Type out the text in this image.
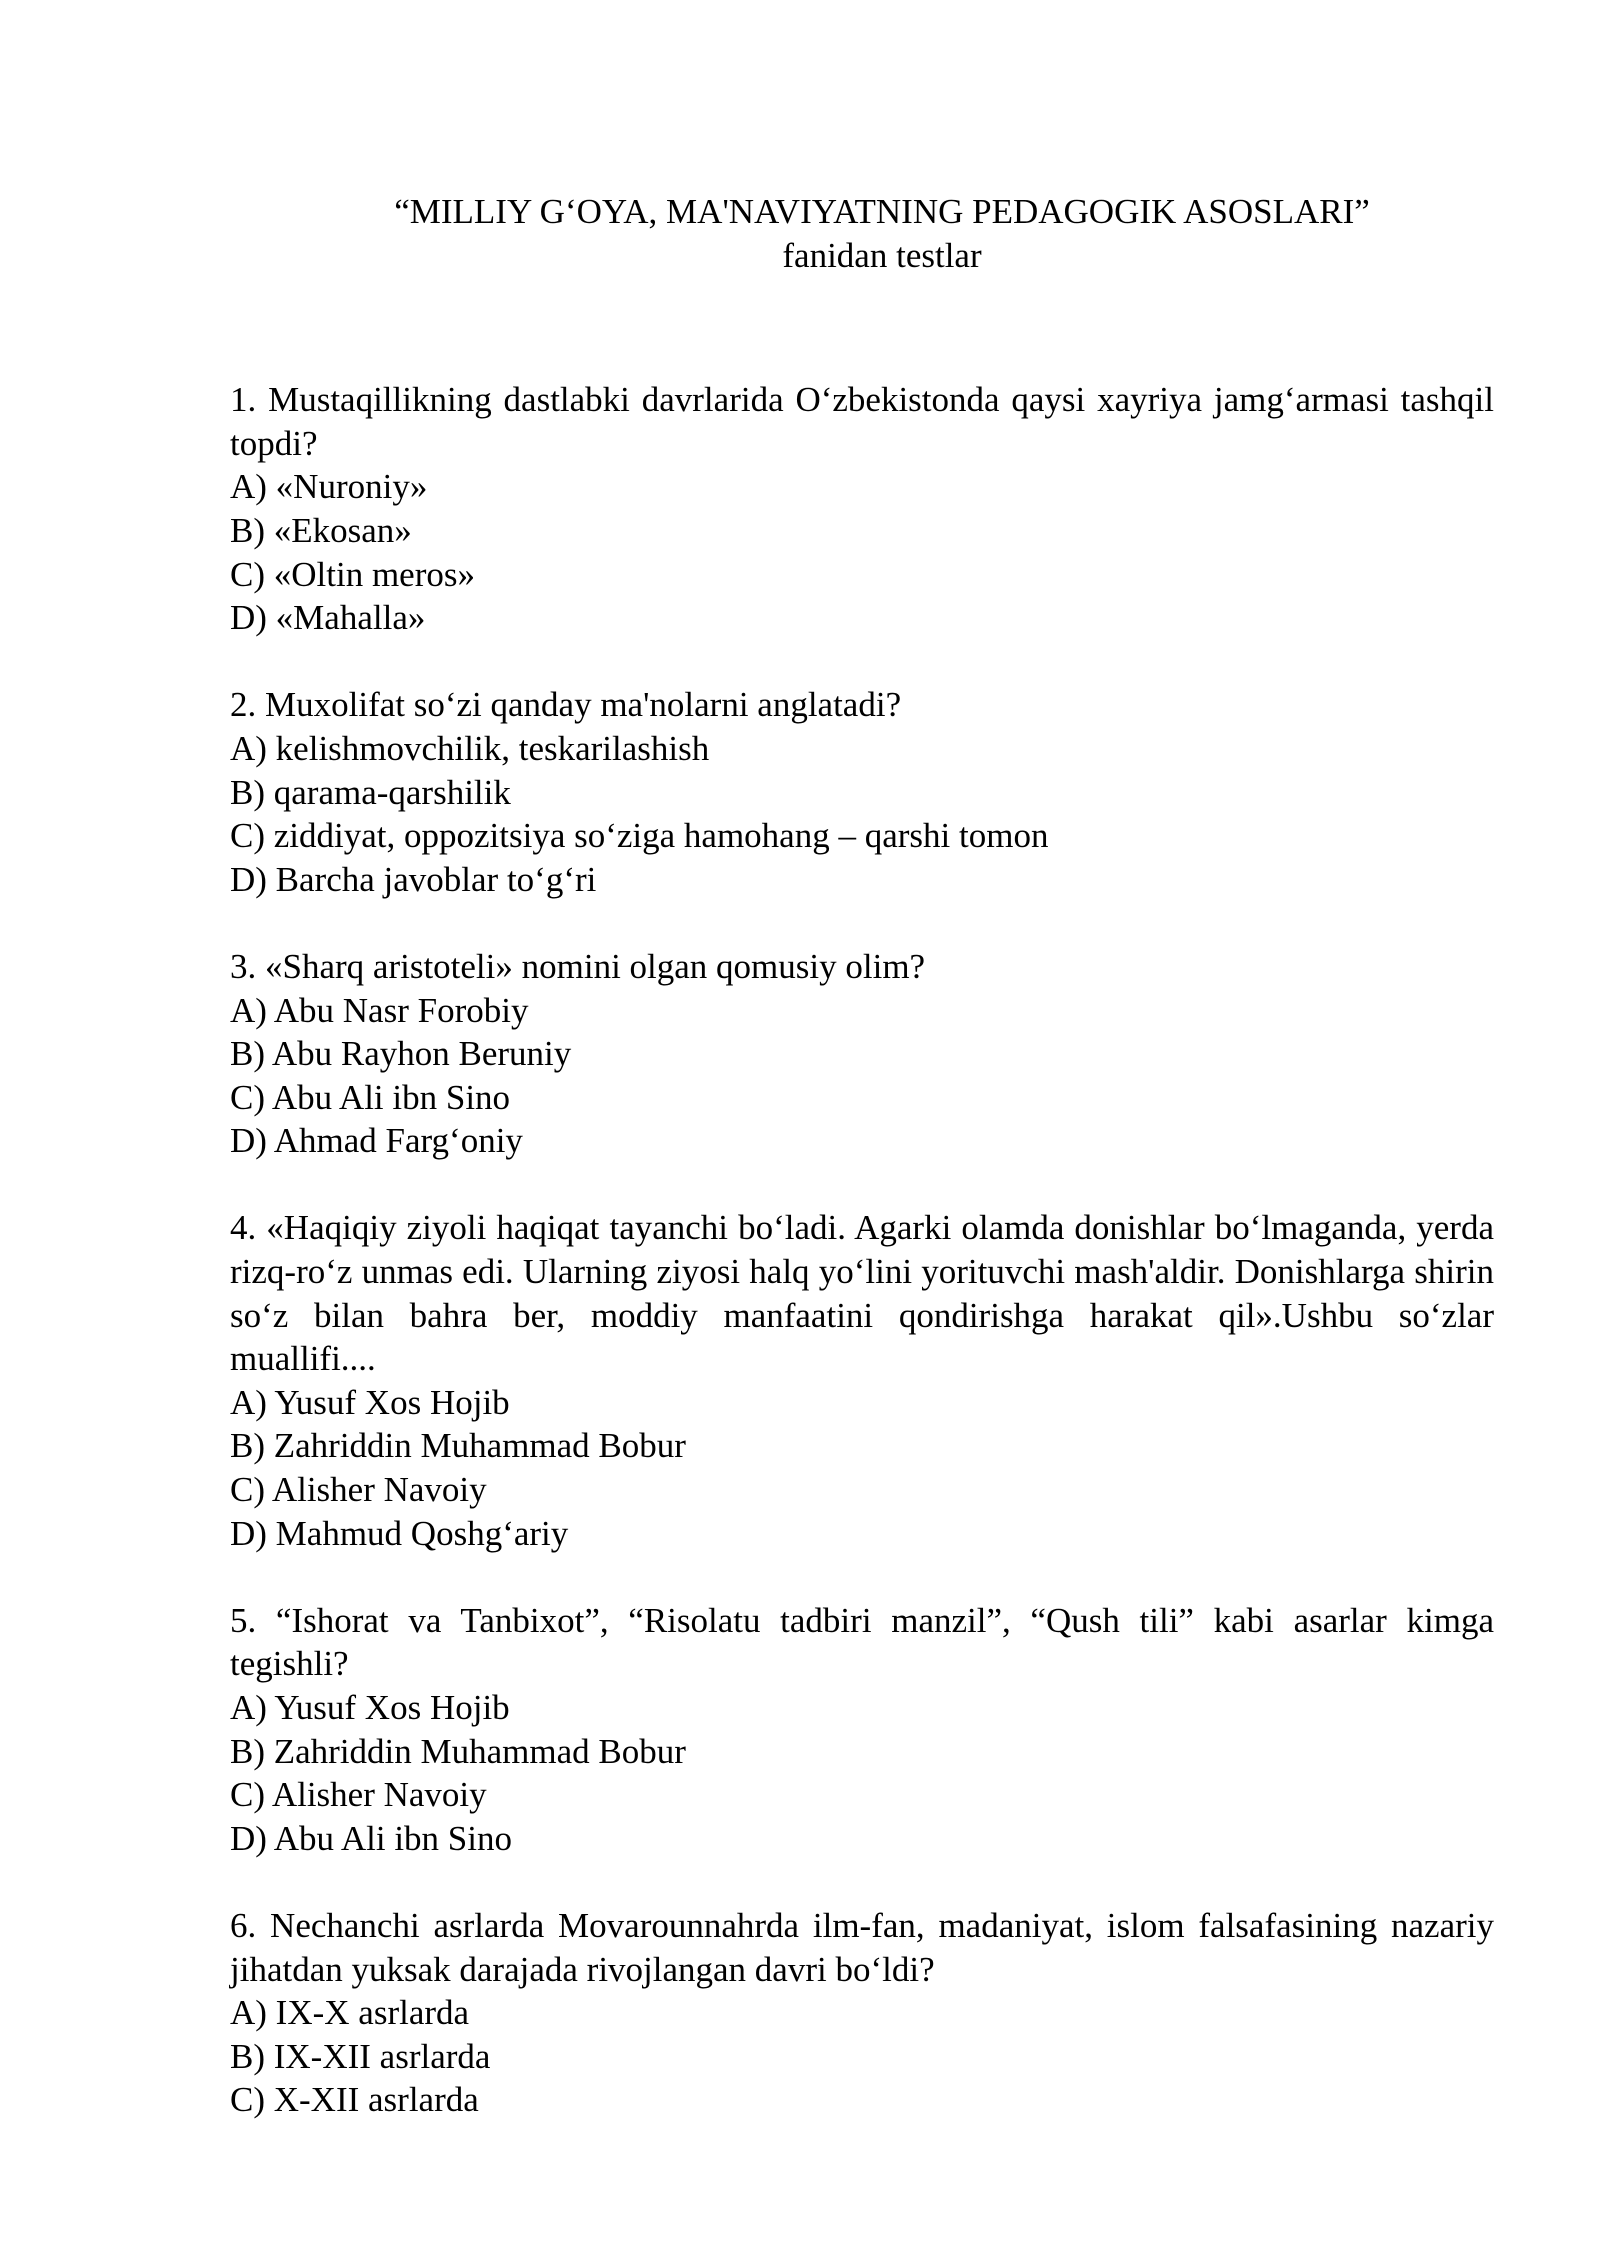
“MILLIY G‘OYA, MA'NAVIYATNING PEDAGOGIK ASOSLARI”
fanidan testlar

1. Mustaqillikning dastlabki davrlarida O‘zbekistonda qaysi xayriya jamg‘armasi tashqil topdi?

A) «Nuroniy»
B) «Ekosan»
C) «Oltin meros»
D) «Mahalla»

2. Muxolifat so‘zi qanday ma'nolarni anglatadi?

A) kelishmovchilik, teskarilashish
B) qarama-qarshilik
C) ziddiyat, oppozitsiya so‘ziga hamohang – qarshi tomon
D) Barcha javoblar to‘g‘ri

3. «Sharq aristoteli» nomini olgan qomusiy olim?

A) Abu Nasr Forobiy
B) Abu Rayhon Beruniy
C) Abu Ali ibn Sino
D) Ahmad Farg‘oniy

4. «Haqiqiy ziyoli haqiqat tayanchi bo‘ladi. Agarki olamda donishlar bo‘lmaganda, yerda rizq-ro‘z unmas edi. Ularning ziyosi halq yo‘lini yorituvchi mash'aldir. Donishlarga shirin so‘z bilan bahra ber, moddiy manfaatini qondirishga harakat qil».Ushbu so‘zlar muallifi....

A) Yusuf Xos Hojib
B) Zahriddin Muhammad Bobur
C) Alisher Navoiy
D) Mahmud Qoshg‘ariy

5. “Ishorat va Tanbixot”, “Risolatu tadbiri manzil”, “Qush tili” kabi asarlar kimga tegishli?

A) Yusuf Xos Hojib
B) Zahriddin Muhammad Bobur
C) Alisher Navoiy
D) Abu Ali ibn Sino

6. Nechanchi asrlarda Movarounnahrda ilm-fan, madaniyat, islom falsafasining nazariy jihatdan yuksak darajada rivojlangan davri bo‘ldi?

A) IX-X asrlarda
B) IX-XII asrlarda
C) X-XII asrlarda
